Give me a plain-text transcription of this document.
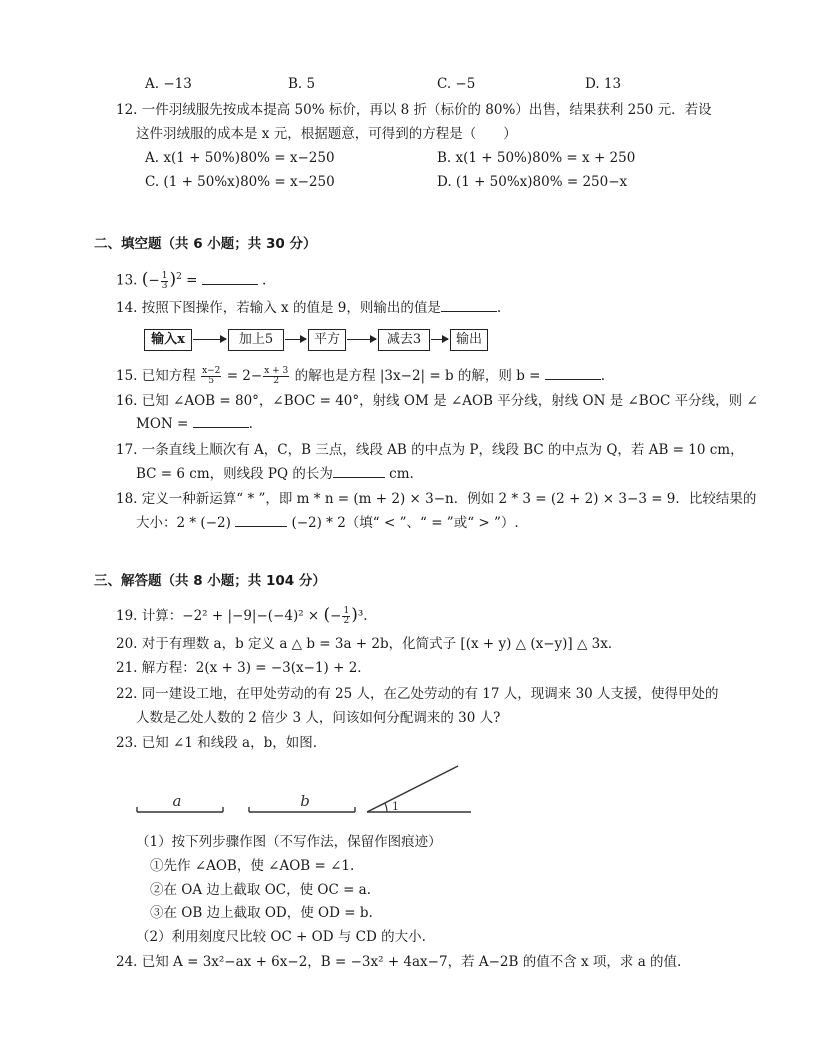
A. −13	B. 5	C. −5	D. 13
12. 一件羽绒服先按成本提高 50% 标价，再以 8 折（标价的 80%）出售，结果获利 250 元．若设
这件羽绒服的成本是 x 元，根据题意，可得到的方程是（　　）
A. x(1 + 50%)80% = x−250	B. x(1 + 50%)80% = x + 250
C. (1 + 50%x)80% = x−250	D. (1 + 50%x)80% = 250−x
二、填空题（共 6 小题；共 30 分）
13. (− $\frac{1}{3} )^2$ =	.
14. 按照下图操作，若输入 x 的值是 9，则输出的值是	.
输入x	加上5	平方	减去3	输出
15. 已知方程 $\frac{x-2}{5} = 2- \frac{x + 3}{2}$ 的解也是方程 |3x−2| = b 的解，则 b =	.
16. 已知 ∠AOB = 80°，∠BOC = 40°，射线 OM 是 ∠AOB 平分线，射线 ON 是 ∠BOC 平分线，则 ∠
MON =	.
17. 一条直线上顺次有 A，C，B 三点，线段 AB 的中点为 P，线段 BC 的中点为 Q，若 AB = 10 cm，
BC = 6 cm，则线段 PQ 的长为	cm.
18. 定义一种新运算“ * ”，即 m * n = (m + 2) × 3−n．例如 2 * 3 = (2 + 2) × 3−3 = 9．比较结果的
大小：2 * (−2)	(−2) * 2（填“ < ”、“ = ”或“ > ”）.
三、解答题（共 8 小题；共 104 分）
19. 计算：−2² + |−9|−(−4)² × (− $\frac{1}{2} )^3$.
20. 对于有理数 a，b 定义 a △ b = 3a + 2b，化简式子 [(x + y) △ (x−y)] △ 3x．
21. 解方程：2(x + 3) = −3(x−1) + 2．
22. 同一建设工地，在甲处劳动的有 25 人，在乙处劳动的有 17 人，现调来 30 人支援，使得甲处的
人数是乙处人数的 2 倍少 3 人，问该如何分配调来的 30 人?
23. 已知 ∠1 和线段 a，b，如图.
a	b	1
（1）按下列步骤作图（不写作法，保留作图痕迹）
①先作 ∠AOB，使 ∠AOB = ∠1.
②在 OA 边上截取 OC，使 OC = a.
③在 OB 边上截取 OD，使 OD = b.
（2）利用刻度尺比较 OC + OD 与 CD 的大小.
24. 已知 A = 3x²−ax + 6x−2，B = −3x² + 4ax−7，若 A−2B 的值不含 x 项，求 a 的值.
